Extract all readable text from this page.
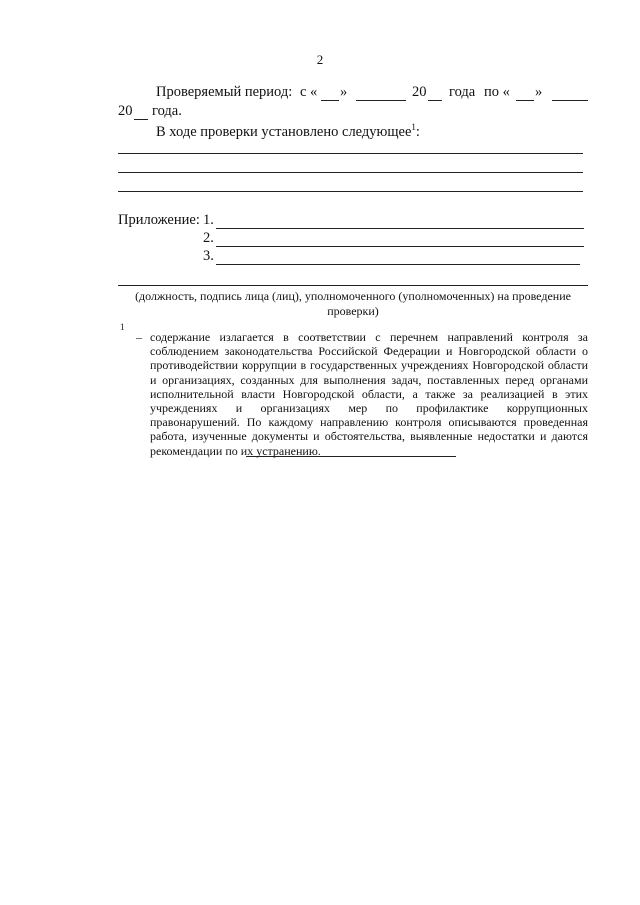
2
Проверяемый период: с « »	20 года по « »
20 года.
В ходе проверки установлено следующее$^1$:
Приложение: 1.
2.
3.
(должность, подпись лица (лиц), уполномоченного (уполномоченных) на проведение проверки)
1
– содержание излагается в соответствии с перечнем направлений контроля за соблюдением законодательства Российской Федерации и Новгородской области о противодействии коррупции в государственных учреждениях Новгородской области и организациях, созданных для выполнения задач, поставленных перед органами исполнительной власти Новгородской области, а также за реализацией в этих учреждениях и организациях мер по профилактике коррупционных правонарушений. По каждому направлению контроля описываются проведенная работа, изученные документы и обстоятельства, выявленные недостатки и даются рекомендации по их устранению.
